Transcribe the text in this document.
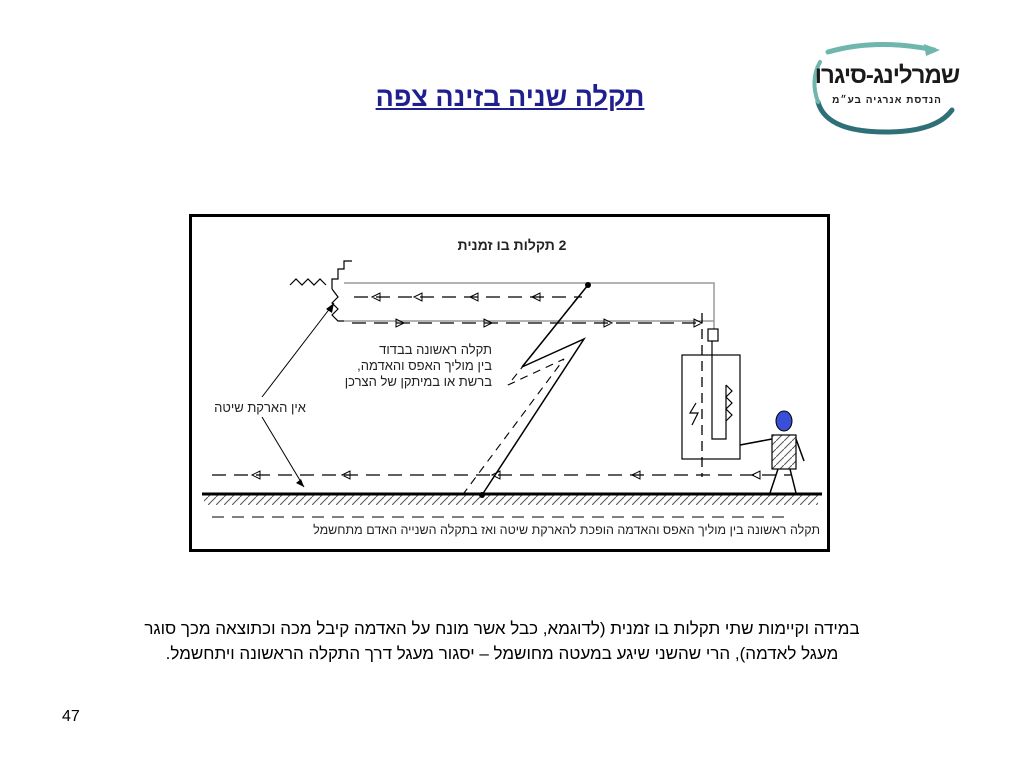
תקלה שניה בזינה צפה
שמרלינג-סיגרו
הנדסת אנרגיה בע״מ
2 תקלות בו זמנית
תקלה ראשונה בבדוד
בין מוליך האפס והאדמה,
ברשת או במיתקן של הצרכן
אין הארקת שיטה
תקלה ראשונה בין מוליך האפס והאדמה הופכת להארקת שיטה ואז בתקלה השנייה האדם מתחשמל
במידה וקיימות שתי תקלות בו זמנית (לדוגמא, כבל אשר מונח על האדמה קיבל מכה וכתוצאה מכך סוגר
מעגל לאדמה), הרי שהשני שיגע במעטה מחושמל – יסגור מעגל דרך התקלה הראשונה ויתחשמל.
47
